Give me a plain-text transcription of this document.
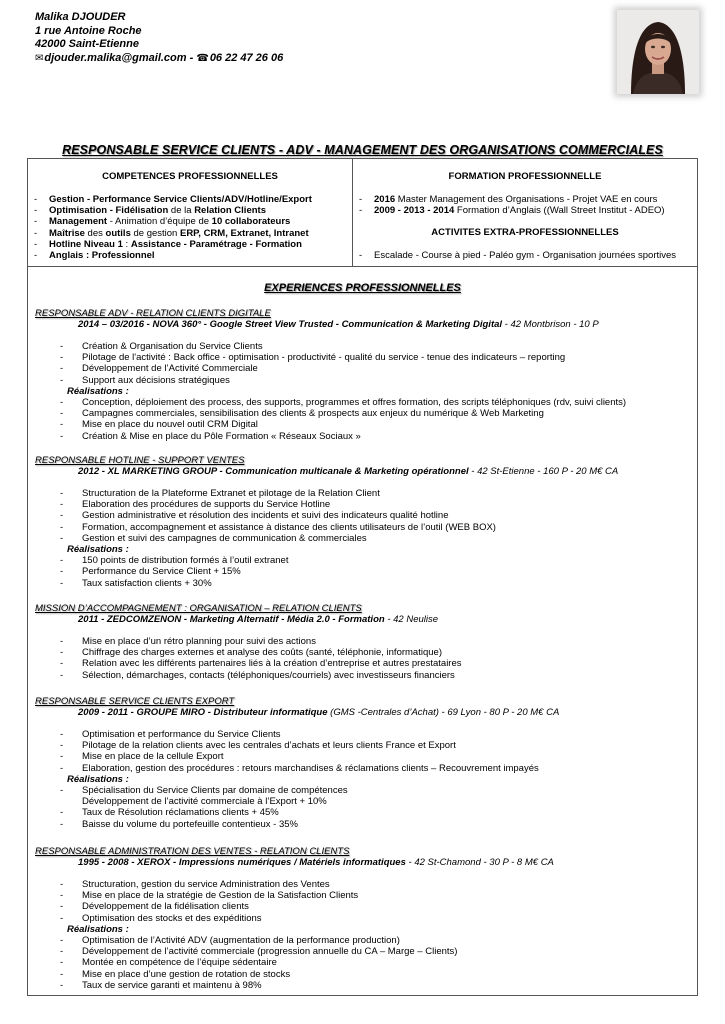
Malika DJOUDER
1 rue Antoine Roche
42000 Saint-Etienne
✉djouder.malika@gmail.com - ☎06 22 47 26 06
RESPONSABLE SERVICE CLIENTS - ADV - MANAGEMENT DES ORGANISATIONS COMMERCIALES
COMPETENCES PROFESSIONNELLES
- Gestion - Performance Service Clients/ADV/Hotline/Export
- Optimisation - Fidélisation de la Relation Clients
- Management - Animation d’équipe de 10 collaborateurs
- Maîtrise des outils de gestion ERP, CRM, Extranet, Intranet
- Hotline Niveau 1 : Assistance - Paramétrage - Formation
- Anglais : Professionnel
FORMATION PROFESSIONNELLE
- 2016 Master Management des Organisations - Projet VAE en cours
- 2009 - 2013 - 2014 Formation d’Anglais ((Wall Street Institut - ADEO)
ACTIVITES EXTRA-PROFESSIONNELLES
- Escalade - Course à pied - Paléo gym - Organisation journées sportives
EXPERIENCES PROFESSIONNELLES
RESPONSABLE ADV - RELATION CLIENTS DIGITALE
2014 – 03/2016 - NOVA 360° - Google Street View Trusted - Communication & Marketing Digital - 42 Montbrison - 10 P
- Création & Organisation du Service Clients
- Pilotage de l'activité : Back office - optimisation - productivité - qualité du service - tenue des indicateurs – reporting
- Développement de l’Activité Commerciale
- Support aux décisions stratégiques
Réalisations :
- Conception, déploiement des process, des supports, programmes et offres formation, des scripts téléphoniques (rdv, suivi clients)
- Campagnes commerciales, sensibilisation des clients & prospects aux enjeux du numérique & Web Marketing
- Mise en place du nouvel outil CRM Digital
- Création & Mise en place du Pôle Formation « Réseaux Sociaux »
RESPONSABLE HOTLINE - SUPPORT VENTES
2012 - XL MARKETING GROUP - Communication multicanale & Marketing opérationnel - 42 St-Etienne - 160 P - 20 M€ CA
- Structuration de la Plateforme Extranet et pilotage de la Relation Client
- Elaboration des procédures de supports du Service Hotline
- Gestion administrative et résolution des incidents et suivi des indicateurs qualité hotline
- Formation, accompagnement et assistance à distance des clients utilisateurs de l’outil (WEB BOX)
- Gestion et suivi des campagnes de communication & commerciales
Réalisations :
- 150 points de distribution formés à l’outil extranet
- Performance du Service Client + 15%
- Taux satisfaction clients + 30%
MISSION D’ACCOMPAGNEMENT : ORGANISATION – RELATION CLIENTS
2011 - ZEDCOMZENON - Marketing Alternatif - Média 2.0 - Formation - 42 Neulise
- Mise en place d’un rétro planning pour suivi des actions
- Chiffrage des charges externes et analyse des coûts (santé, téléphonie, informatique)
- Relation avec les différents partenaires liés à la création d’entreprise et autres prestataires
- Sélection, démarchages, contacts (téléphoniques/courriels) avec investisseurs financiers
RESPONSABLE SERVICE CLIENTS EXPORT
2009 - 2011 - GROUPE MIRO - Distributeur informatique (GMS -Centrales d’Achat) - 69 Lyon - 80 P - 20 M€ CA
- Optimisation et performance du Service Clients
- Pilotage de la relation clients avec les centrales d’achats et leurs clients France et Export
- Mise en place de la cellule Export
- Elaboration, gestion des procédures : retours marchandises & réclamations clients – Recouvrement impayés
Réalisations :
- Spécialisation du Service Clients par domaine de compétences
Développement de l’activité commerciale à l’Export + 10%
- Taux de Résolution réclamations clients + 45%
- Baisse du volume du portefeuille contentieux - 35%
RESPONSABLE ADMINISTRATION DES VENTES - RELATION CLIENTS
1995 - 2008 - XEROX - Impressions numériques / Matériels informatiques - 42 St-Chamond - 30 P - 8 M€ CA
- Structuration, gestion du service Administration des Ventes
- Mise en place de la stratégie de Gestion de la Satisfaction Clients
- Développement de la fidélisation clients
- Optimisation des stocks et des expéditions
Réalisations :
- Optimisation de l’Activité ADV (augmentation de la performance production)
- Développement de l’activité commerciale (progression annuelle du CA – Marge – Clients)
- Montée en compétence de l’équipe sédentaire
- Mise en place d’une gestion de rotation de stocks
- Taux de service garanti et maintenu à 98%
